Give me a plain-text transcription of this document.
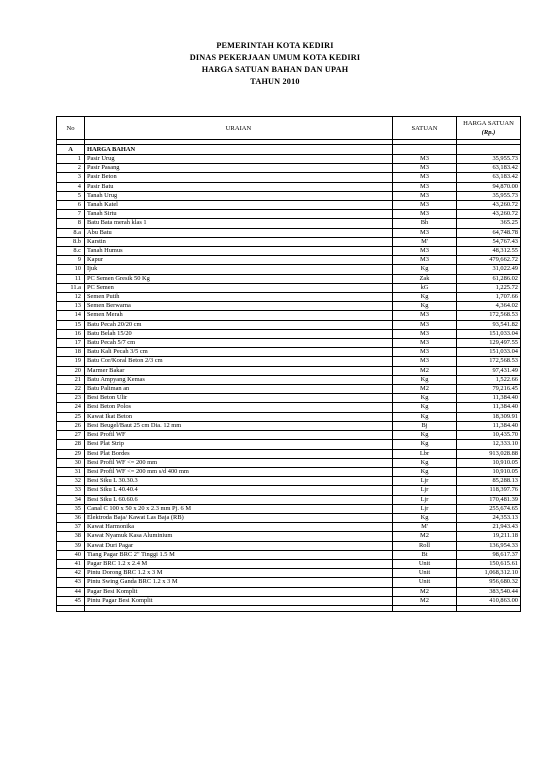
PEMERINTAH KOTA KEDIRI
DINAS PEKERJAAN UMUM KOTA KEDIRI
HARGA SATUAN BAHAN DAN UPAH
TAHUN 2010
No	URAIAN	SATUAN	HARGA SATUAN
(Rp.)

A	HARGA BAHAN		
1	Pasir Urug	M3	35,955.73
2	Pasir Pasang	M3	63,183.42
3	Pasir Beton	M3	63,183.42
4	Pasir Batu	M3	94,870.00
5	Tanah Urug	M3	35,955.73
6	Tanah Katel	M3	43,260.72
7	Tanah Sirtu	M3	43,260.72
8	Batu Bata merah klas 1	Bh	365.25
8.a	Abu Batu	M3	64,748.78
8.b	Karstin	M'	54,767.43
8.c	Tanah Humus	M3	48,312.55
9	Kapur	M3	479,662.72
10	Ijuk	Kg	31,022.49
11	PC Semen Gresik 50 Kg	Zak	61,286.02
11.a	PC Semen	kG	1,225.72
12	Semen Putih	Kg	1,707.66
13	Semen Berwarna	Kg	4,364.02
14	Semen Merah	M3	172,568.53
15	Batu Pecah 20/20 cm	M3	93,541.82
16	Batu Belah 15/20	M3	151,033.04
17	Batu Pecah 5/7 cm	M3	129,497.55
18	Batu Kali Pecah 3/5 cm	M3	151,033.04
19	Batu Cor/Koral Beton 2/3 cm	M3	172,568.53
20	Marmer Bakar	M2	97,431.49
21	Batu Ampyang Kemas	Kg	1,522.66
22	Batu Paliman an	M2	79,216.45
23	Besi Beton Ulir	Kg	11,384.40
24	Besi Beton Polos	Kg	11,384.40
25	Kawat Ikat Beton	Kg	18,309.91
26	Besi Beugel/Baut 25 cm Dia. 12 mm	Bj	11,384.40
27	Besi Profil WF	Kg	10,435.70
28	Besi Plat Strip	Kg	12,333.10
29	Besi Plat Bordes	Lbr	913,028.88
30	Besi Profil WF <= 200 mm	Kg	10,910.05
31	Besi Profil WF <= 200 mm s/d 400 mm	Kg	10,910.05
32	Besi Siku L 30.30.3	Ljr	85,288.13
33	Besi Siku L 40.40.4	Ljr	118,397.76
34	Besi Siku L 60.60.6	Ljr	170,481.39
35	Canal C 100 x 50 x 20 x 2.3 mm Pj. 6 M	Ljr	255,674.65
36	Elektroda Baja/ Kawat Las Baja (RB)	Kg	24,353.13
37	Kawat Harmonika	M'	21,943.43
38	Kawat Nyamuk Kasa Aluminium	M2	19,211.18
39	Kawat Duri Pagar	Roll	136,954.33
40	Tiang Pagar BRC 2" Tinggi 1.5 M	Bt	98,617.37
41	Pagar BRC 1.2 x 2.4 M	Unit	150,615.61
42	Pintu Dorong BRC 1.2 x 3 M	Unit	1,068,312.10
43	Pintu Swing Ganda BRC 1.2 x 3 M	Unit	956,680.32
44	Pagar Besi Komplit	M2	383,540.44
45	Pintu Pagar Besi Komplit	M2	410,863.00
